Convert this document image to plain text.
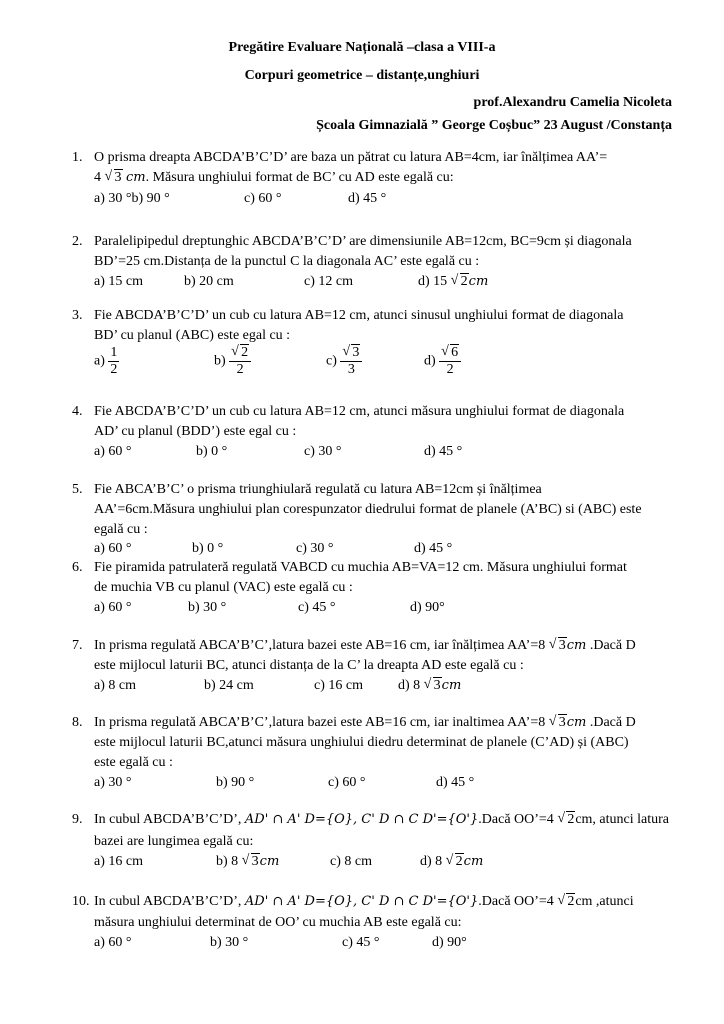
Pregătire Evaluare Națională –clasa a VIII-a
Corpuri geometrice – distanțe,unghiuri
prof.Alexandru Camelia Nicoleta
Școala Gimnazială ” George Coșbuc” 23 August /Constanța
1. O prisma dreapta ABCDA’B’C’D’ are baza un pătrat cu latura AB=4cm, iar înălțimea AA’=
4 √ 3 cm. Măsura unghiului format de BC’ cu AD este egală cu:
a) 30 °b) 90 °	c) 60 °	d) 45 °
2. Paralelipipedul dreptunghic ABCDA’B’C’D’ are dimensiunile AB=12cm, BC=9cm și diagonala
BD’=25 cm.Distanța de la punctul C la diagonala AC’ este egală cu :
a) 15 cm	b) 20 cm	c) 12 cm	d) 15 √ 2cm
3. Fie ABCDA’B’C’D’ un cub cu latura AB=12 cm, atunci sinusul unghiului format de diagonala
BD’ cu planul (ABC) este egal cu :
$a) \frac{1}{2}$	b) √ $\frac{2}{2}$	c) √ $\frac{3}{3}$	d) √ $\frac{6}{2}$
4. Fie ABCDA’B’C’D’ un cub cu latura AB=12 cm, atunci măsura unghiului format de diagonala
AD’ cu planul (BDD’) este egal cu :
a) 60 °	b) 0 °	c) 30 °	d) 45 °
5. Fie ABCA’B’C’ o prisma triunghiulară regulată cu latura AB=12cm și înălțimea
AA’=6cm.Măsura unghiului plan corespunzator diedrului format de planele (A’BC) si (ABC) este
egală cu :
a) 60 °	b) 0 °	c) 30 °	d) 45 °
6. Fie piramida patrulateră regulată VABCD cu muchia AB=VA=12 cm. Măsura unghiului format
de muchia VB cu planul (VAC) este egală cu :
a) 60 °	b) 30 °	c) 45 °	d) 90°
7. In prisma regulată ABCA’B’C’,latura bazei este AB=16 cm, iar înălțimea AA’=8 √ 3cm .Dacă D
este mijlocul laturii BC, atunci distanța de la C’ la dreapta AD este egală cu :
a) 8 cm	b) 24 cm	c) 16 cm	d) 8 √ 3cm
8. In prisma regulată ABCA’B’C’,latura bazei este AB=16 cm, iar inaltimea AA’=8 √ 3cm .Dacă D
este mijlocul laturii BC,atunci măsura unghiului diedru determinat de planele (C’AD) și (ABC)
este egală cu :
a) 30 °	b) 90 °	c) 60 °	d) 45 °
9. In cubul ABCDA’B’C’D’, AD' ∩ A' D={O}, C' D ∩ C D'={O'}.Dacă OO’=4 √ 2cm, atunci latura
bazei are lungimea egală cu:
a) 16 cm	b) 8 √ 3cm	c) 8 cm	d) 8 √ 2cm
10. In cubul ABCDA’B’C’D’, AD' ∩ A' D={O}, C' D ∩ C D'={O'}.Dacă OO’=4 √ 2cm ,atunci
măsura unghiului determinat de OO’ cu muchia AB este egală cu:
a) 60 °	b) 30 °	c) 45 °	d) 90°
